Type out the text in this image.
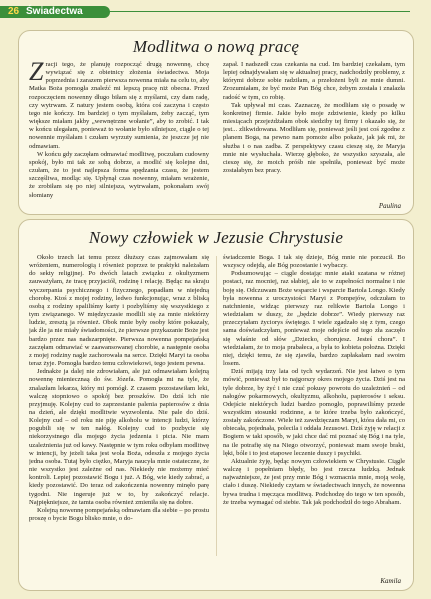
26 Świadectwa
Modlitwa o nową pracę

Zracji tego, że planuję rozpocząć drugą nowennę, chcę wywiązać się z obietnicy złożenia świadectwa. Moja poprzednia i zarazem pierwsza nowenna miała na celu to, aby Matka Boża pomogła znaleźć mi lepszą pracę niż obecna. Przed rozpoczęciem nowenny długo biłam się z myślami, czy dam radę, czy wytrwam. Z natury jestem osobą, która coś zaczyna i często tego nie kończy. Im bardziej o tym myślałam, żeby zacząć, tym większe miałam jakby „wewnętrzne wołanie”, aby to zrobić. I tak w końcu ulegałam, ponieważ to wołanie było silniejsze, ciągle o tej nowennie myślałam i czułam wyrzuty sumienia, że jeszcze jej nie odmawiam.

W końcu gdy zaczęłam odmawiać modlitwę, poczułam cudowny spokój, było mi tak ze sobą dobrze, a modlić się kolejne dni, czułam, że to jest najlepsza forma spędzania czasu, że jestem szczęśliwa, modląc się. Upłynął czas nowenny, miałam wrażenie, że zrobiłam się po niej silniejsza, wytrwałam, pokonałam swój słomiany

zapał. I nadszedł czas czekania na cud. Im bardziej czekałam, tym lepiej odnajdywałam się w aktualnej pracy, nadchodziły problemy, z którymi dobrze sobie radziłam, a przełożeni byli ze mnie dumni. Zrozumiałam, że być może Pan Bóg chce, żebym została i znalazła radość w tym, co robię.

Tak upływał mi czas. Zaznaczę, że modliłam się o posadę w konkretnej firmie. Jakie było moje zdziwienie, kiedy po kilku miesiącach przejeżdżałam obok siedziby tej firmy i okazało się, że jest... zlikwidowana. Modliłam się, ponieważ jeśli jest coś zgodne z planem Boga, na pewno nam pomoże albo pokaże, jak jak mi, że służba i o nas zadba. Z perspektywy czasu cieszę się, że Maryja mnie nie wysłuchała. Wierzę głęboko, że wszystko szyszała, ale cieszę się, że moich próśb nie spełniła, ponieważ być może zostałabym bez pracy.

Paulina
Nowy człowiek w Jezusie Chrystusie

Około trzech lat temu przez dłuższy czas zajmowałam się wróżeniem, numerologią i również poprzez te praktyki należałam do sekty religijnej. Po dwóch latach związku z okultyzmem zauważyłam, że tracę przyjaciół, rodzinę i relację. Będąc na skraju wyczerpania psychicznego i fizycznego, popadłam w niejedną chorobę. Ktoś z mojej rodziny, ledwo funkcjonując, wraz z bliską osobą z rodziny spaliliśmy karty i pozbyliśmy się wszystkiego z tym związanego. W międzyczasie modlili się za mnie niektórzy ludzie, zresztą ja również. Obok mnie były osoby które pokazały, jak źle ja nie miały świadomości, że pierwsze przykazanie Boże jest bardzo przez nas nadszarpnięte. Pierwsza nowenna pompejańską zaczęłam odmawiać w zaawansowanej chorobie, a następnie osoba z mojej rodziny nagle zachorowała na serce. Dzięki Maryi ta osoba teraz żyje. Pomogła bardzo temu człowiekowi, tego jestem pewna.

Jednakże ja dalej nie zdrowiałam, ale już odmawiałam kolejną nowennę mieniecznaą do św. Józefa. Pomogła mi na tyle, że znalazłam lekarza, który mi pomógł. Z czasem pozostawiłam leki, walczę stopniowo o spokój bez proszków. Do dziś ich nie przyjmuję. Kolejny cud to zaprzestanie palenia papierosów z dnia na dzień, ale dzięki modlitwie wyzwolenia. Nie pale do dziś. Kolejny cud – od roku nie piję alkoholu w intencji ludzi, którzy pogubili się w ten nałóg. Kolejny cud to pozbycie się niekorzystnego dla mojego życia jedzenia i picia. Nie mam uzależnienia już od kawy. Następnie w tym roku odbyłam modlitwę w intencji, by jeżeli taka jest wola Boża, odeszła z mojego życia jedna osoba. Tutaj było ciężko, Maryja naucyła mnie ostateczne, że nie wszystko jest zależne od nas. Niekiedy nie możemy mieć kontroli. Lepiej pozostawić Bogu i już. A Bóg, wie kiedy zabrać, a kiedy pozostawić. Do teraz od zakończenia nowenny minęło parę tygodni. Nie ingeruje już w to, by zakończyć relacje. Najpiękniejsze, że tamta osoba również zmieniła się na dobre.

Kolejną nowennę pompejańską odmawiam dla siebie – po prostu proszę o bycie Bogu blisko mnie, o do-

świadczenie Boga. I tak się dzieje, Bóg mnie nie porzucił. Bo wszyscy odejdą, ale Bóg pozostanie i wybaczy.

Podsumowując – ciągle dostając mnie ataki szatana w różnej postaci, raz mocniej, raz słabiej, ale to w zupełności normalne i nie boję się. Odczuwam Boże wsparcie i wsparcie Bartola Longo. Kiedy była nowenna z uroczystości Maryi z Pompejów, odczułam to natchnienie, widząc pierwszy raz relikwie Bartola Longo i wiedziałam w duszy, że „będzie dobrze”. Wiedy pierwszy raz przeczytałam życiorys świętego. I wiele zgadzało się z tym, czego sama doświadczyłam, ponieważ moje odejście od tego zła zaczęło się właśnie od słów „Dziecko, chorujesz. Jesteś chora”. I wiedziałam, że to moja prabałeca, a była to kobieta położna. Dzięki niej, dzięki temu, że się zjawiła, bardzo zapłakałam nad swoim losem.

Dziś mijają trzy lata od tych wydarzeń. Nie jest łatwo o tym mówić, ponieważ był to najgorszy okres mojego życia. Dziś jest na tyle dobrze, by żyć i nie czuć pokusy powrotu do uzależnień – od nałogów pokarmowych, okultyzmu, alkoholu, papierosów i seksu. Odejście niektórych ludzi bardzo pomogło, poprawiliśmy przede wszystkim stosunki rodzinne, a te które trzeba było zakończyć, zostały zakończone. Wiele też zawdzięczam Maryi, która dała mi, co obiecała, pojednała, polecila i oddała Jezusowi. Dziś żyję w relacji z Bogiem w taki sposób, w jaki chce dać mi poznać się Bóg i na tyle, na ile potrafię się na Niego otworzyć, ponieważ mam swoje braki, lęki, bóle i to jest etapowe leczenie duszy i psychiki.

Aktualnie żyję, będąc nowym człowiekiem w Chrystusie. Ciągle walczę i popełniam błędy, bo jest rzecza ludzką. Jednak najważniejsze, że jest przy mnie Bóg i wzmacnia mnie, moją wolę, ciało i duszę. Niekiedy czytam w świadectwach innych, że nowenna bywa trudna i męcząca modlitwą. Podchodzę do tego w ten sposób, że trzeba wymagać od siebie. Tak jak podchodził do tego Abraham.

Kamila
